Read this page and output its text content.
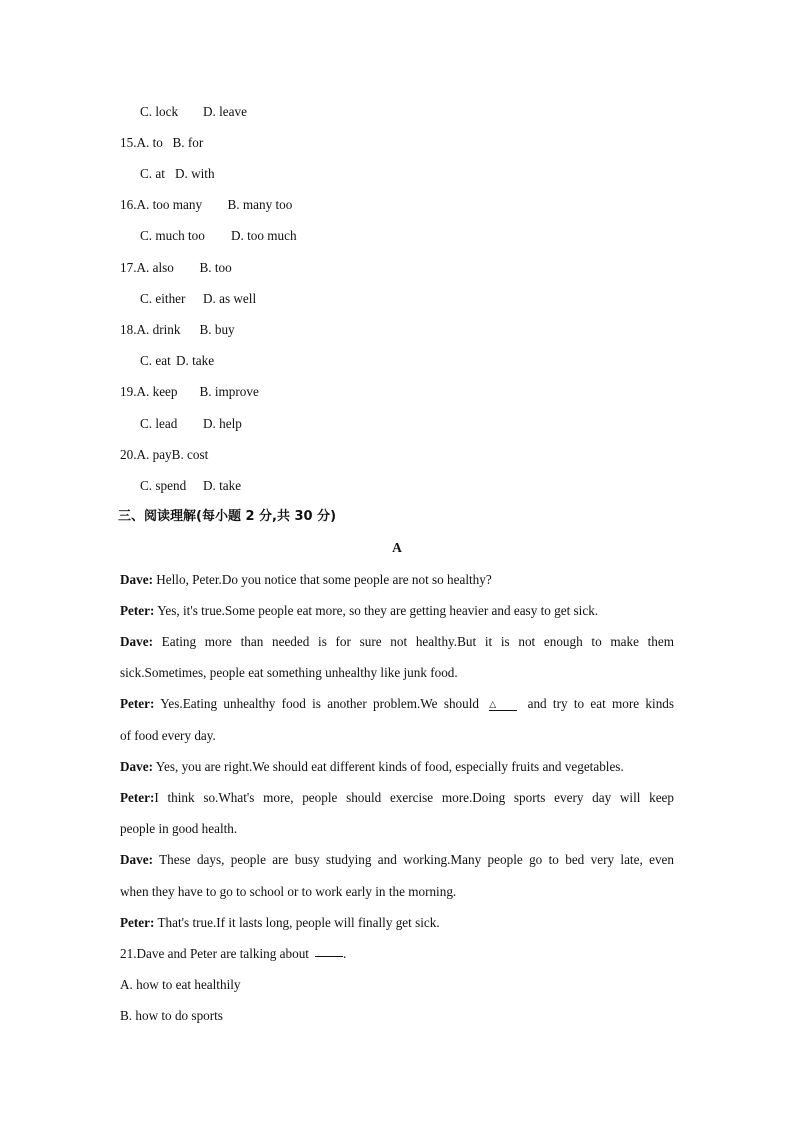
C. lock D. leave
15.A. to B. for
C. at D. with
16.A. too many B. many too
C. much too D. too much
17.A. also B. too
C. either D. as well
18.A. drink B. buy
C. eat D. take
19.A. keep B. improve
C. lead D. help
20.A. payB. cost
C. spend D. take
三、阅读理解(每小题 2 分,共 30 分)
A
Dave: Hello, Peter.Do you notice that some people are not so healthy?
Peter: Yes, it's true.Some people eat more, so they are getting heavier and easy to get sick.
Dave: Eating more than needed is for sure not healthy.But it is not enough to make them
sick.Sometimes, people eat something unhealthy like junk food.
Peter: Yes.Eating unhealthy food is another problem.We should △ and try to eat more kinds
of food every day.
Dave: Yes, you are right.We should eat different kinds of food, especially fruits and vegetables.
Peter:I think so.What's more, people should exercise more.Doing sports every day will keep
people in good health.
Dave: These days, people are busy studying and working.Many people go to bed very late, even
when they have to go to school or to work early in the morning.
Peter: That's true.If it lasts long, people will finally get sick.
21.Dave and Peter are talking about	.
A. how to eat healthily
B. how to do sports
